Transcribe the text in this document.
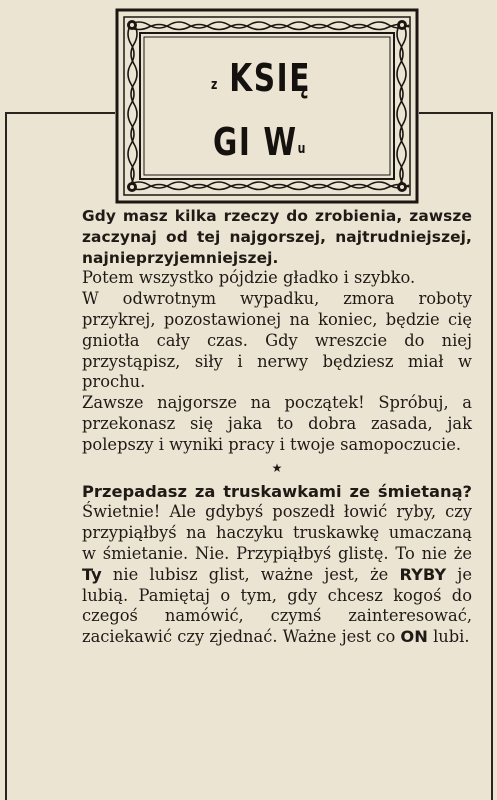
z KSIĘ
GI Wu

Gdy masz kilka rzeczy do zrobienia, zawsze zaczynaj od tej najgorszej, najtrudniejszej, najnieprzyjemniejszej.

Potem wszystko pójdzie gładko i szybko.

W odwrotnym wypadku, zmora roboty przykrej, pozostawionej na koniec, będzie cię gniotła cały czas. Gdy wreszcie do niej przystąpisz, siły i nerwy będziesz miał w prochu.

Zawsze najgorsze na początek! Spróbuj, a przekonasz się jaka to dobra zasada, jak polepszy i wyniki pracy i twoje samopoczucie.

★

Przepadasz za truskawkami ze śmietaną? Świetnie! Ale gdybyś poszedł łowić ryby, czy przypiąłbyś na haczyku truskawkę umaczaną w śmietanie. Nie. Przypiąłbyś glistę. To nie że Ty nie lubisz glist, ważne jest, że RYBY je lubią. Pamiętaj o tym, gdy chcesz kogoś do czegoś namówić, czymś zainteresować, zaciekawić czy zjednać. Ważne jest co ON lubi.
